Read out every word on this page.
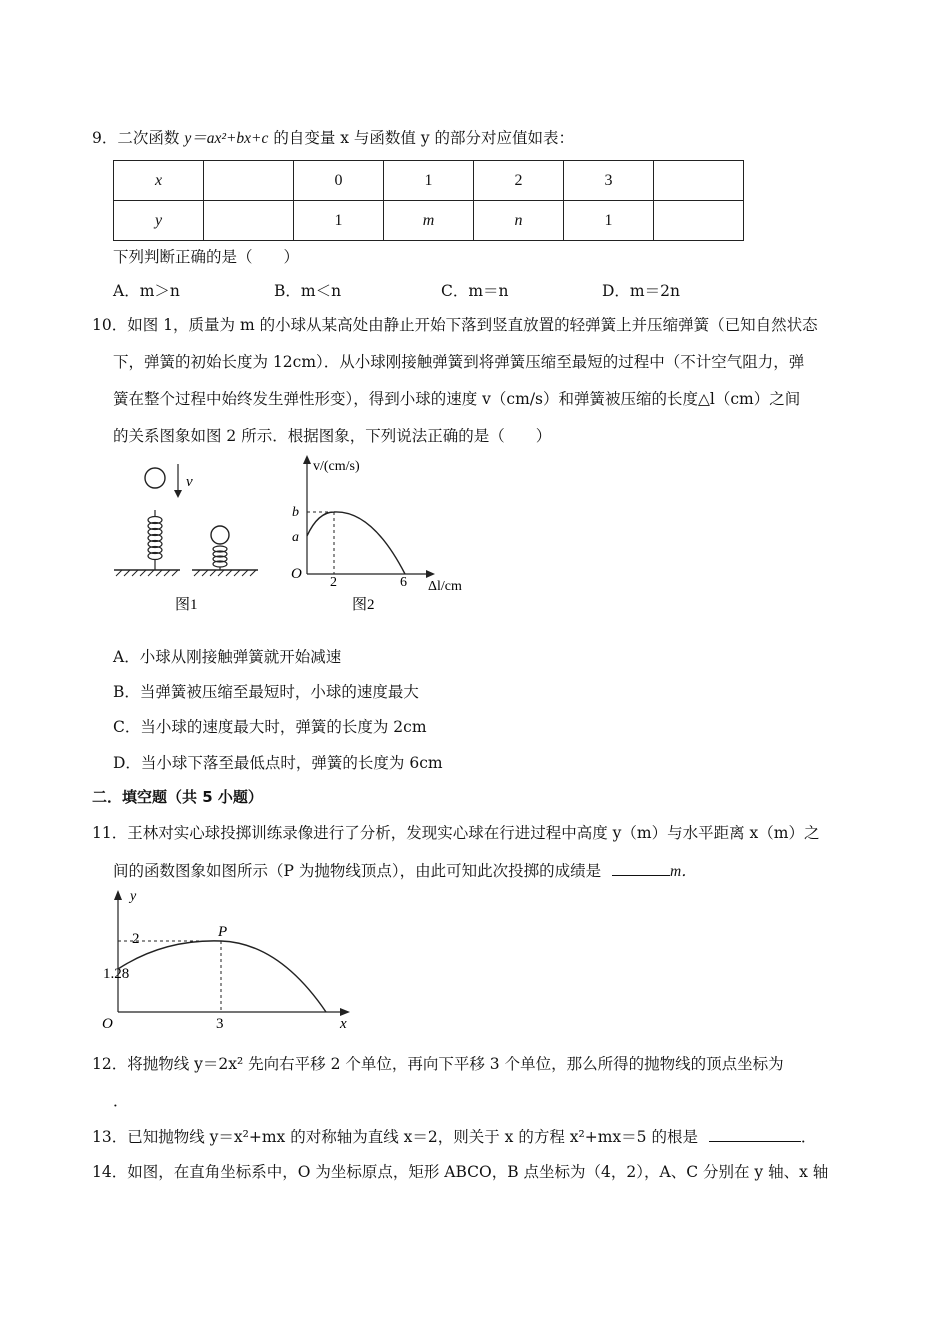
9．二次函数 y＝ax²+bx+c 的自变量 x 与函数值 y 的部分对应值如表：
x		0	1	2	3	
y		1	m	n	1	
下列判断正确的是（　　）
A．m＞n	B．m＜n	C．m＝n	D．m＝2n
10．如图 1，质量为 m 的小球从某高处由静止开始下落到竖直放置的轻弹簧上并压缩弹簧（已知自然状态
下，弹簧的初始长度为 12cm）．从小球刚接触弹簧到将弹簧压缩至最短的过程中（不计空气阻力，弹
簧在整个过程中始终发生弹性形变），得到小球的速度 v（cm/s）和弹簧被压缩的长度△l（cm）之间
的关系图象如图 2 所示．根据图象，下列说法正确的是（　　）
v
图1
v/(cm/s)
b
a
O
2	6 Δl/cm
图2
A．小球从刚接触弹簧就开始减速
B．当弹簧被压缩至最短时，小球的速度最大
C．当小球的速度最大时，弹簧的长度为 2cm
D．当小球下落至最低点时，弹簧的长度为 6cm
二．填空题（共 5 小题）
11．王林对实心球投掷训练录像进行了分析，发现实心球在行进过程中高度 y（m）与水平距离 x（m）之
间的函数图象如图所示（P 为抛物线顶点），由此可知此次投掷的成绩是	m．
y
x
O
1.28
2
3
P
12．将抛物线 y＝2x² 先向右平移 2 个单位，再向下平移 3 个单位，那么所得的抛物线的顶点坐标为
．
13．已知抛物线 y＝x²+mx 的对称轴为直线 x＝2，则关于 x 的方程 x²+mx＝5 的根是	．
14．如图，在直角坐标系中，O 为坐标原点，矩形 ABCO，B 点坐标为（4，2），A、C 分别在 y 轴、x 轴
